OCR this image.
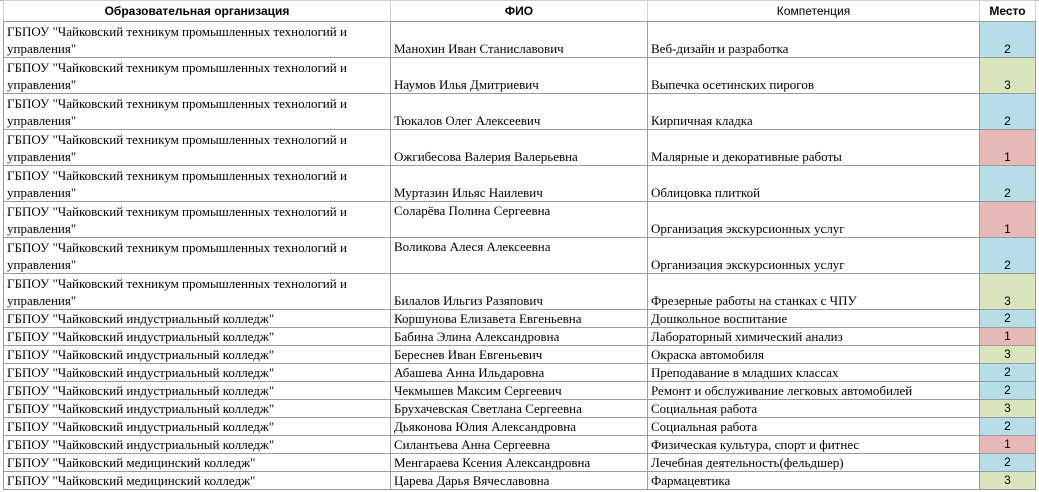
Образовательная организация	ФИО	Компетенция	Место
ГБПОУ "Чайковский техникум промышленных технологий и управления"	Манохин Иван Станиславович	Веб-дизайн и разработка	2
ГБПОУ "Чайковский техникум промышленных технологий и управления"	Наумов Илья Дмитриевич	Выпечка осетинских пирогов	3
ГБПОУ "Чайковский техникум промышленных технологий и управления"	Тюкалов Олег Алексеевич	Кирпичная кладка	2
ГБПОУ "Чайковский техникум промышленных технологий и управления"	Ожгибесова Валерия Валерьевна	Малярные и декоративные работы	1
ГБПОУ "Чайковский техникум промышленных технологий и управления"	Муртазин Ильяс Наилевич	Облицовка плиткой	2
ГБПОУ "Чайковский техникум промышленных технологий и управления"	Соларёва Полина Сергеевна	Организация экскурсионных услуг	1
ГБПОУ "Чайковский техникум промышленных технологий и управления"	Воликова Алеся Алексеевна	Организация экскурсионных услуг	2
ГБПОУ "Чайковский техникум промышленных технологий и управления"	Билалов Ильгиз Разяпович	Фрезерные работы на станках с ЧПУ	3
ГБПОУ "Чайковский индустриальный колледж"	Коршунова Елизавета Евгеньевна	Дошкольное воспитание	2
ГБПОУ "Чайковский индустриальный колледж"	Бабина Элина Александровна	Лабораторный химический анализ	1
ГБПОУ "Чайковский индустриальный колледж"	Береснев Иван Евгеньевич	Окраска автомобиля	3
ГБПОУ "Чайковский индустриальный колледж"	Абашева Анна Ильдаровна	Преподавание в младших классах	2
ГБПОУ "Чайковский индустриальный колледж"	Чекмышев Максим Сергеевич	Ремонт и обслуживание легковых автомобилей	2
ГБПОУ "Чайковский индустриальный колледж"	Брухачевская Светлана Сергеевна	Социальная работа	3
ГБПОУ "Чайковский индустриальный колледж"	Дьяконова Юлия Александровна	Социальная работа	2
ГБПОУ "Чайковский индустриальный колледж"	Силантьева Анна Сергеевна	Физическая культура, спорт и фитнес	1
ГБПОУ "Чайковский медицинский колледж"	Менгараева Ксения Александровна	Лечебная деятельность(фельдшер)	2
ГБПОУ "Чайковский медицинский колледж"	Царева Дарья Вячеславовна	Фармацевтика	3
